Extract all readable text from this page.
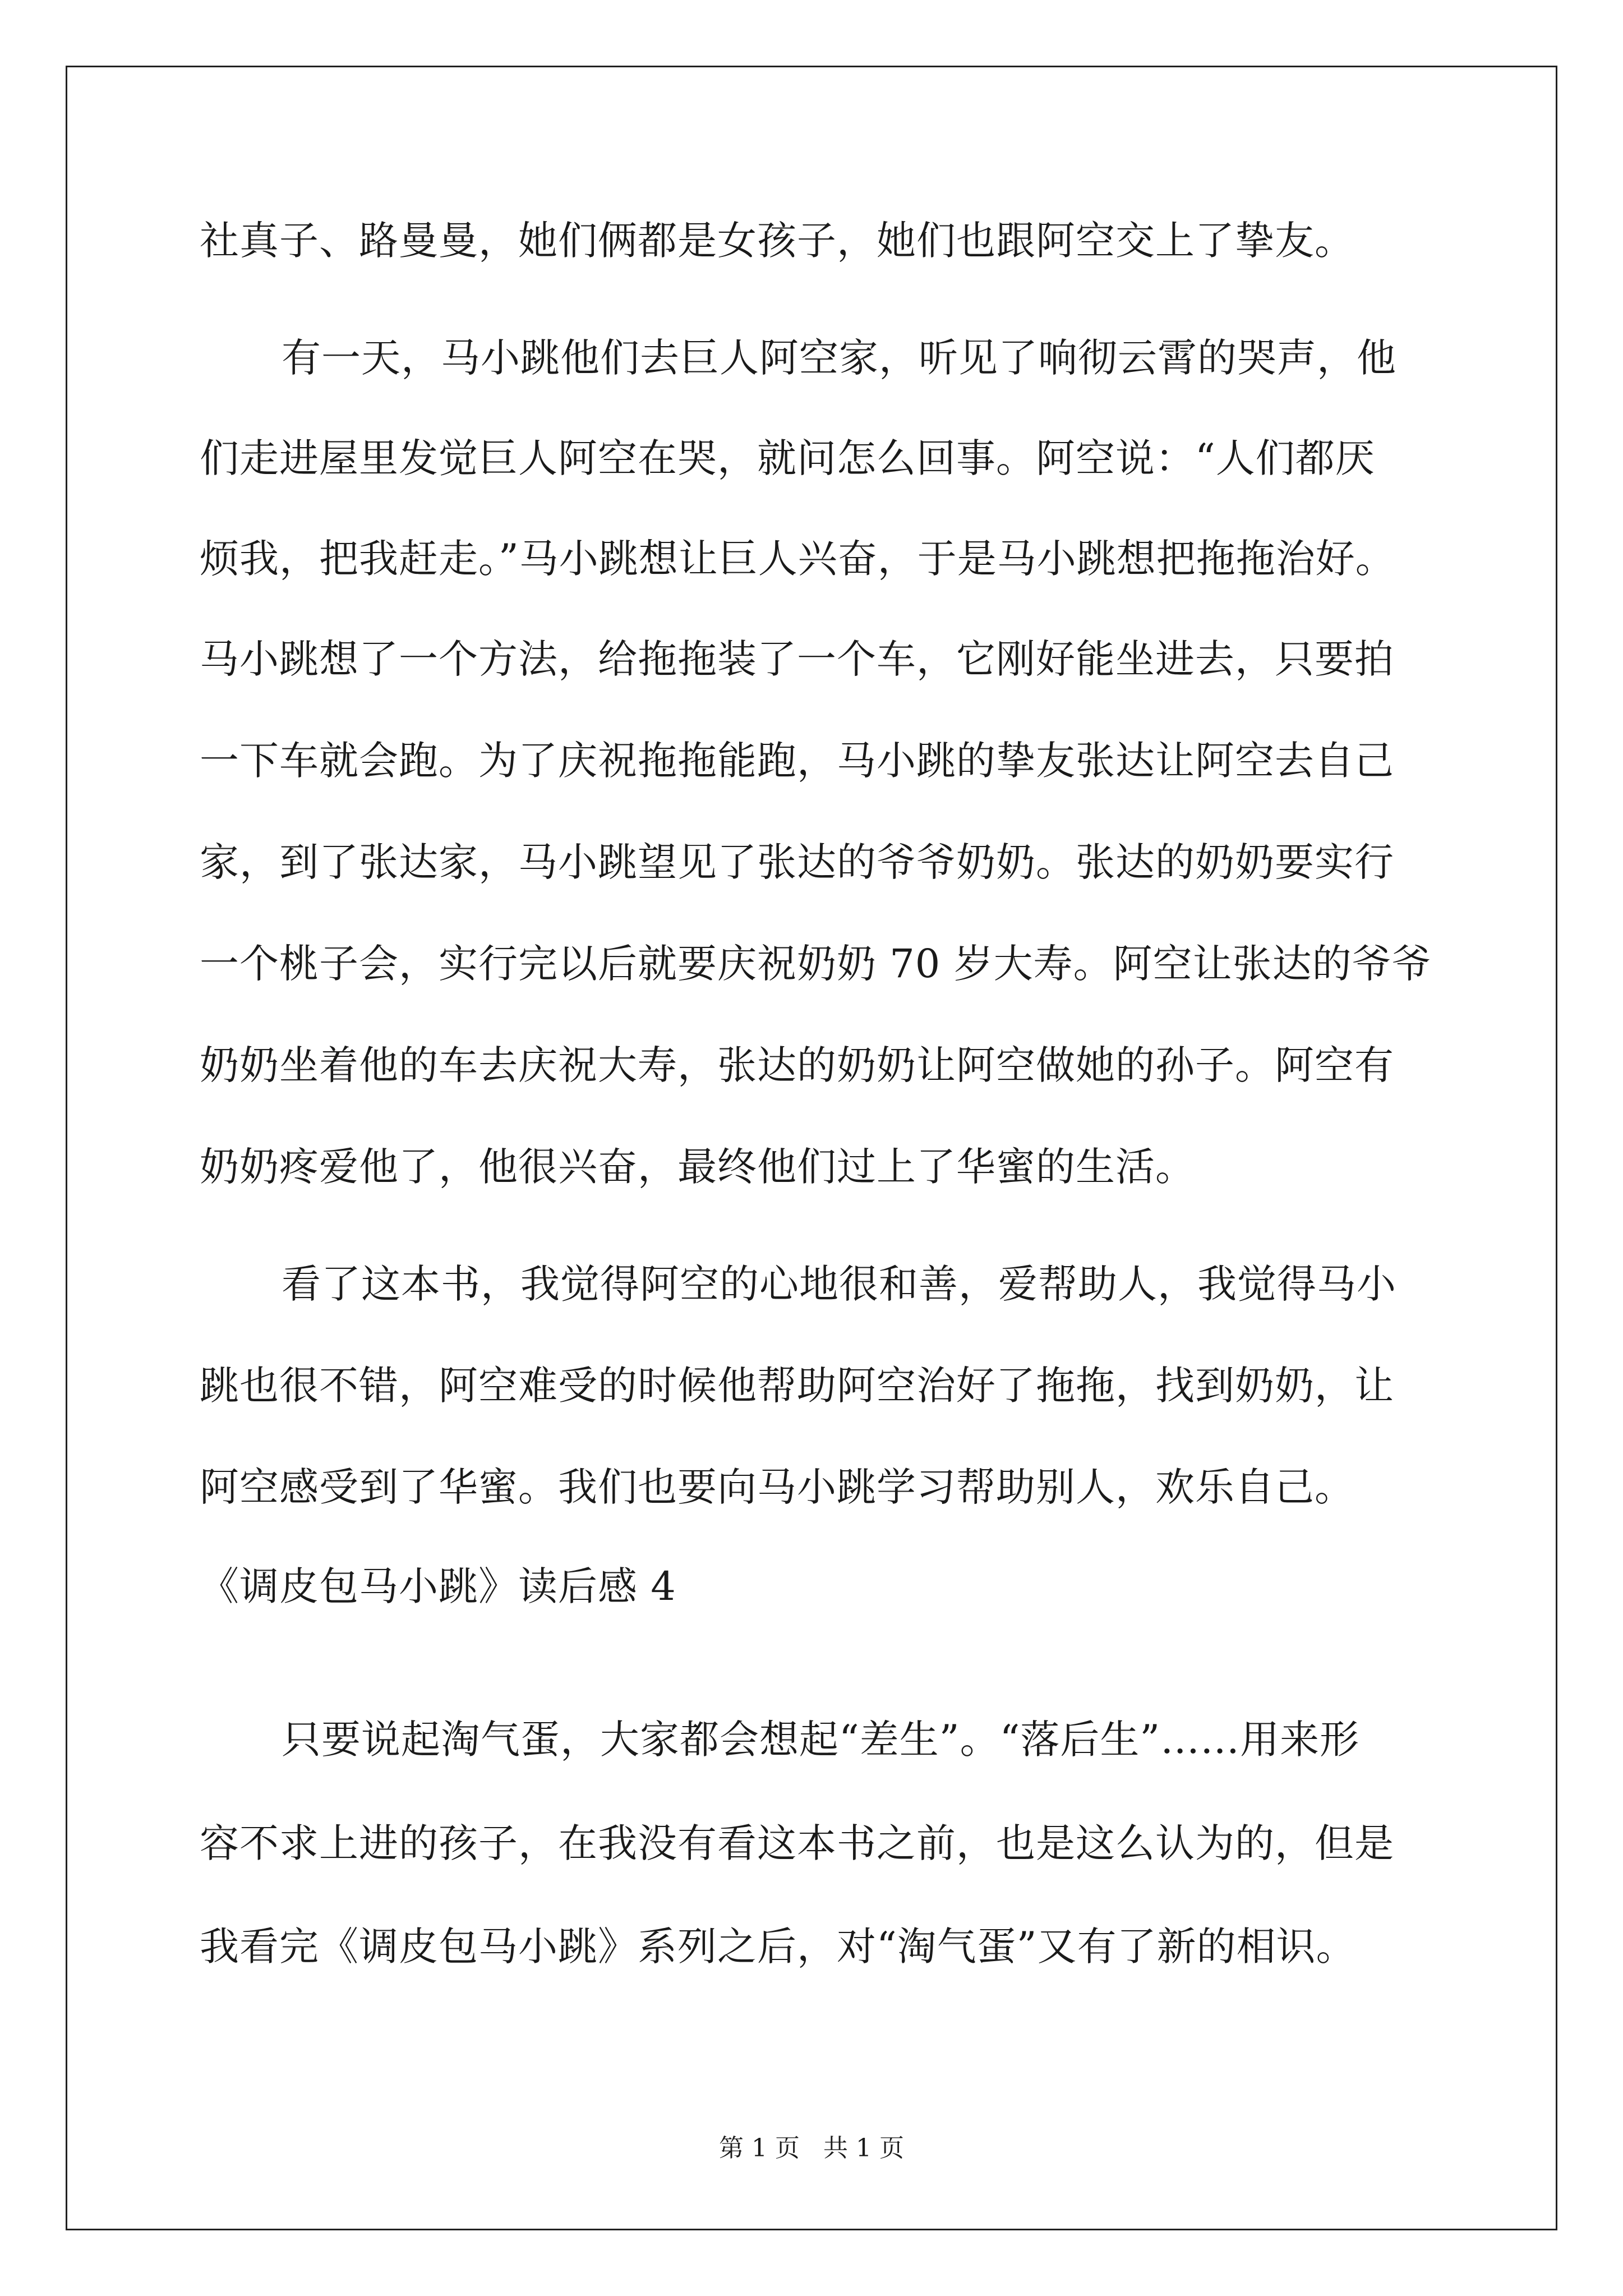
社真子、路曼曼，她们俩都是女孩子，她们也跟阿空交上了挚友。
有一天，马小跳他们去巨人阿空家，听见了响彻云霄的哭声，他
们走进屋里发觉巨人阿空在哭，就问怎么回事。阿空说：“人们都厌
烦我，把我赶走。”马小跳想让巨人兴奋，于是马小跳想把拖拖治好。
马小跳想了一个方法，给拖拖装了一个车，它刚好能坐进去，只要拍
一下车就会跑。为了庆祝拖拖能跑，马小跳的挚友张达让阿空去自己
家，到了张达家，马小跳望见了张达的爷爷奶奶。张达的奶奶要实行
一个桃子会，实行完以后就要庆祝奶奶 70 岁大寿。阿空让张达的爷爷
奶奶坐着他的车去庆祝大寿，张达的奶奶让阿空做她的孙子。阿空有
奶奶疼爱他了，他很兴奋，最终他们过上了华蜜的生活。
看了这本书，我觉得阿空的心地很和善，爱帮助人，我觉得马小
跳也很不错，阿空难受的时候他帮助阿空治好了拖拖，找到奶奶，让
阿空感受到了华蜜。我们也要向马小跳学习帮助别人，欢乐自己。
《调皮包马小跳》读后感 4
只要说起淘气蛋，大家都会想起“差生”。“落后生”……用来形
容不求上进的孩子，在我没有看这本书之前，也是这么认为的，但是
我看完《调皮包马小跳》系列之后，对“淘气蛋”又有了新的相识。
第 1 页   共 1 页
